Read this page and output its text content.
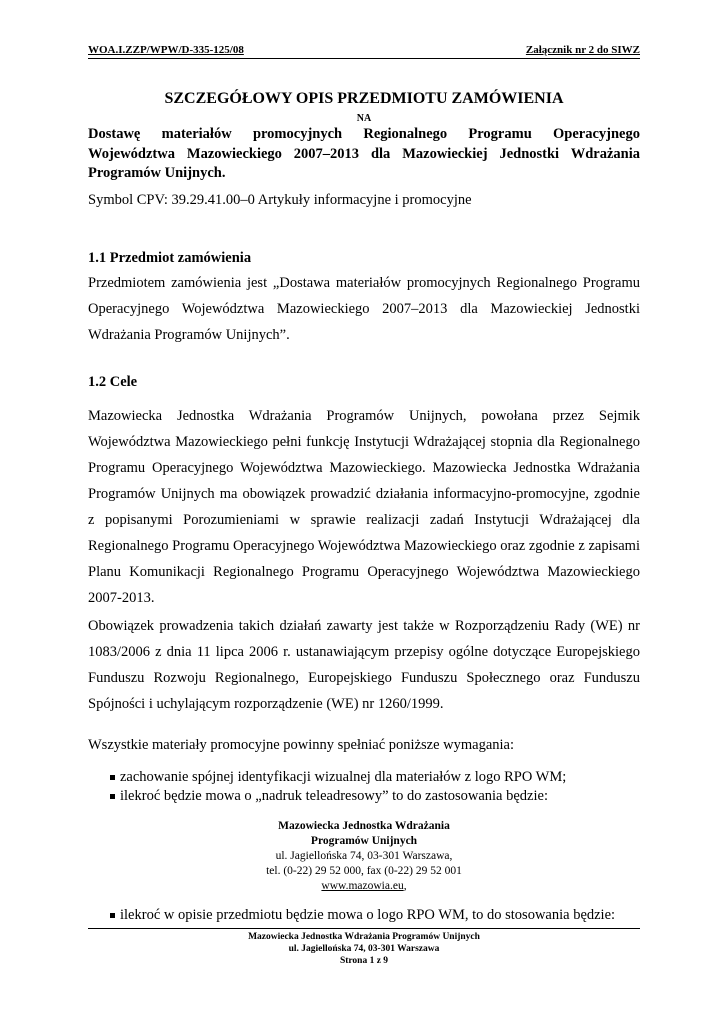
WOA.I.ZZP/WPW/D-335-125/08	Załącznik nr 2 do SIWZ
SZCZEGÓŁOWY OPIS PRZEDMIOTU ZAMÓWIENIA
NA
Dostawę materiałów promocyjnych Regionalnego Programu Operacyjnego Województwa Mazowieckiego 2007–2013 dla Mazowieckiej Jednostki Wdrażania Programów Unijnych.
Symbol CPV: 39.29.41.00–0 Artykuły informacyjne i promocyjne
1.1 Przedmiot zamówienia
Przedmiotem zamówienia jest „Dostawa materiałów promocyjnych Regionalnego Programu Operacyjnego Województwa Mazowieckiego 2007–2013 dla Mazowieckiej Jednostki Wdrażania Programów Unijnych”.
1.2 Cele
Mazowiecka Jednostka Wdrażania Programów Unijnych, powołana przez Sejmik Województwa Mazowieckiego pełni funkcję Instytucji Wdrażającej stopnia dla Regionalnego Programu Operacyjnego Województwa Mazowieckiego. Mazowiecka Jednostka Wdrażania Programów Unijnych ma obowiązek prowadzić działania informacyjno-promocyjne, zgodnie z popisanymi Porozumieniami w sprawie realizacji zadań Instytucji Wdrażającej dla Regionalnego Programu Operacyjnego Województwa Mazowieckiego oraz zgodnie z zapisami Planu Komunikacji Regionalnego Programu Operacyjnego Województwa Mazowieckiego 2007-2013.
Obowiązek prowadzenia takich działań zawarty jest także w Rozporządzeniu Rady (WE) nr 1083/2006 z dnia 11 lipca 2006 r. ustanawiającym przepisy ogólne dotyczące Europejskiego Funduszu Rozwoju Regionalnego, Europejskiego Funduszu Społecznego oraz Funduszu Spójności i uchylającym rozporządzenie (WE) nr 1260/1999.
Wszystkie materiały promocyjne powinny spełniać poniższe wymagania:
zachowanie spójnej identyfikacji wizualnej dla materiałów z logo RPO WM;
ilekroć będzie mowa o „nadruk teleadresowy” to do zastosowania będzie:
Mazowiecka Jednostka Wdrażania
Programów Unijnych
ul. Jagiellońska 74, 03-301 Warszawa,
tel. (0-22) 29 52 000, fax (0-22) 29 52 001
www.mazowia.eu,
ilekroć w opisie przedmiotu będzie mowa o logo RPO WM, to do stosowania będzie:
Mazowiecka Jednostka Wdrażania Programów Unijnych
ul. Jagiellońska 74, 03-301 Warszawa
Strona 1 z 9
